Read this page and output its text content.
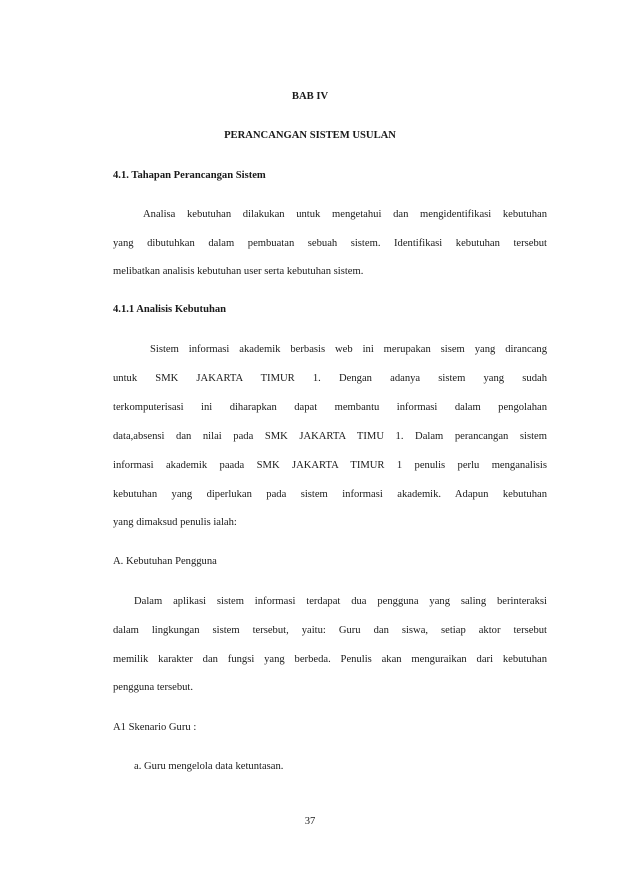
BAB IV
PERANCANGAN SISTEM USULAN
4.1. Tahapan Perancangan Sistem
Analisa kebutuhan dilakukan untuk mengetahui dan mengidentifikasi kebutuhan
yang dibutuhkan dalam pembuatan sebuah sistem. Identifikasi kebutuhan tersebut
melibatkan analisis kebutuhan user serta kebutuhan sistem.
4.1.1 Analisis Kebutuhan
Sistem informasi akademik berbasis web ini merupakan sisem yang dirancang
untuk SMK JAKARTA TIMUR 1. Dengan adanya sistem yang sudah
terkomputerisasi ini diharapkan dapat membantu informasi dalam pengolahan
data,absensi dan nilai pada SMK JAKARTA TIMU 1. Dalam perancangan sistem
informasi akademik paada SMK JAKARTA TIMUR 1 penulis perlu menganalisis
kebutuhan yang diperlukan pada sistem informasi akademik. Adapun kebutuhan
yang dimaksud penulis ialah:
A. Kebutuhan Pengguna
Dalam aplikasi sistem informasi terdapat dua pengguna yang saling berinteraksi
dalam lingkungan sistem tersebut, yaitu: Guru dan siswa, setiap aktor tersebut
memilik karakter dan fungsi yang berbeda. Penulis akan menguraikan dari kebutuhan
pengguna tersebut.
A1 Skenario Guru :
a. Guru mengelola data ketuntasan.
37
